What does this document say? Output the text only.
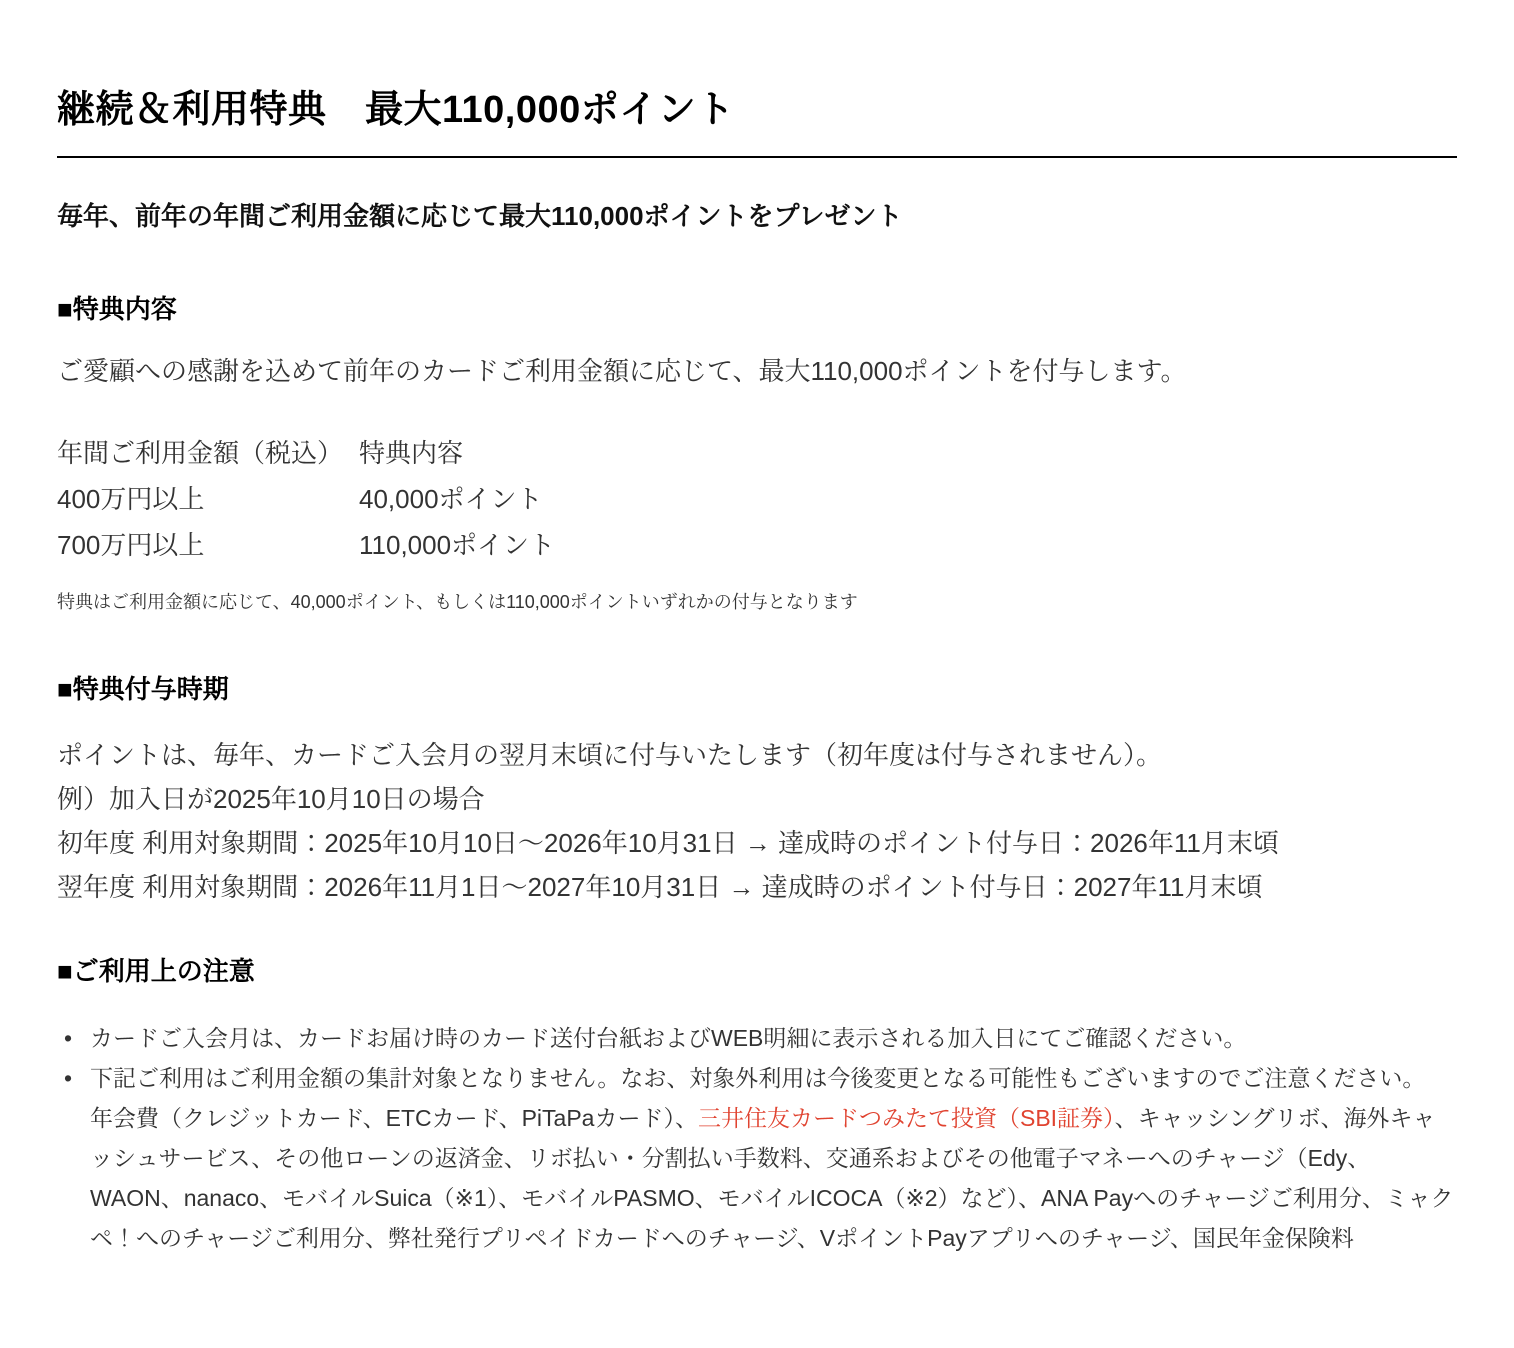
継続＆利用特典　最大110,000ポイント

毎年、前年の年間ご利用金額に応じて最大110,000ポイントをプレゼント

■特典内容

ご愛顧への感謝を込めて前年のカードご利用金額に応じて、最大110,000ポイントを付与します。

年間ご利用金額（税込） 特典内容
400万円以上	40,000ポイント
700万円以上	110,000ポイント

特典はご利用金額に応じて、40,000ポイント、もしくは110,000ポイントいずれかの付与となります

■特典付与時期
ポイントは、毎年、カードご入会月の翌月末頃に付与いたします（初年度は付与されません）。
例）加入日が2025年10月10日の場合
初年度 利用対象期間：2025年10月10日～2026年10月31日 → 達成時のポイント付与日：2026年11月末頃
翌年度 利用対象期間：2026年11月1日～2027年10月31日 → 達成時のポイント付与日：2027年11月末頃
■ご利用上の注意
• カードご入会月は、カードお届け時のカード送付台紙およびWEB明細に表示される加入日にてご確認ください。
• 下記ご利用はご利用金額の集計対象となりません。なお、対象外利用は今後変更となる可能性もございますのでご注意ください。
年会費（クレジットカード、ETCカード、PiTaPaカード）、三井住友カードつみたて投資（SBI証券）、キャッシングリボ、海外キャッシュサービス、その他ローンの返済金、リボ払い・分割払い手数料、交通系およびその他電子マネーへのチャージ（Edy、WAON、nanaco、モバイルSuica（※1）、モバイルPASMO、モバイルICOCA（※2）など）、ANA Payへのチャージご利用分、ミャクペ！へのチャージご利用分、弊社発行プリペイドカードへのチャージ、VポイントPayアプリへのチャージ、国民年金保険料
